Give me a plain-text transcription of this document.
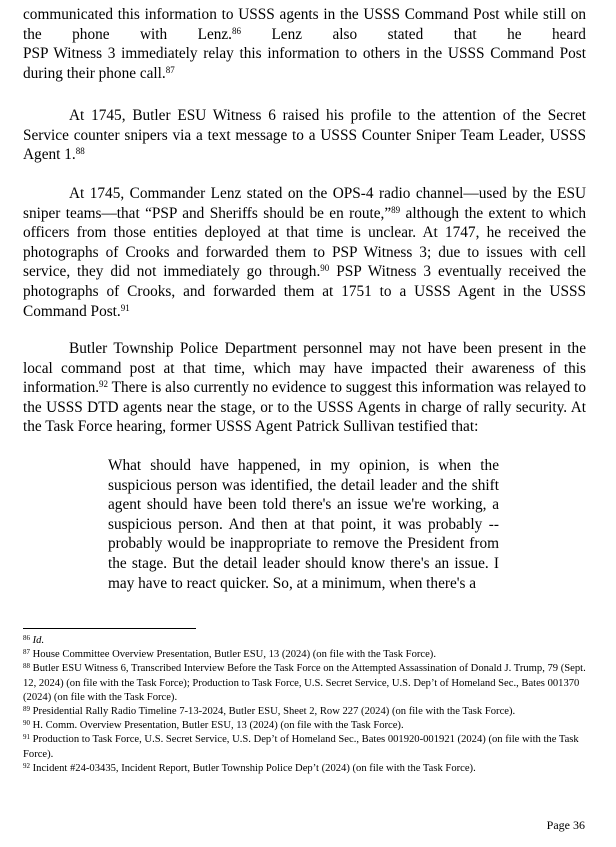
communicated this information to USSS agents in the USSS Command Post while still on
the phone with Lenz.$^{86}$ Lenz also stated that he heard
PSP Witness 3 immediately relay this information to others in the USSS Command Post
during their phone call.$^{87}$

At 1745, Butler ESU Witness 6 raised his profile to the attention of the Secret Service counter snipers via a text message to a USSS Counter Sniper Team Leader, USSS Agent 1.88

At 1745, Commander Lenz stated on the OPS-4 radio channel—used by the ESU sniper teams—that “PSP and Sheriffs should be en route,”$^{89}$ although the extent to which officers from those entities deployed at that time is unclear. At 1747, he received the photographs of Crooks and forwarded them to PSP Witness 3; due to issues with cell service, they did not immediately go through.$^{90}$ PSP Witness 3 eventually received the photographs of Crooks, and forwarded them at 1751 to a USSS Agent in the USSS Command Post.$^{91}$

Butler Township Police Department personnel may not have been present in the local command post at that time, which may have impacted their awareness of this information.$^{92}$ There is also currently no evidence to suggest this information was relayed to the USSS DTD agents near the stage, or to the USSS Agents in charge of rally security. At the Task Force hearing, former USSS Agent Patrick Sullivan testified that:

What should have happened, in my opinion, is when the suspicious person was identified, the detail leader and the shift agent should have been told there's an issue we're working, a suspicious person. And then at that point, it was probably -- probably would be inappropriate to remove the President from the stage. But the detail leader should know there's an issue. I may have to react quicker. So, at a minimum, when there's a

$^{86}$ Id.

$^{87}$ House Committee Overview Presentation, Butler ESU, 13 (2024) (on file with the Task Force).

$^{88}$ Butler ESU Witness 6, Transcribed Interview Before the Task Force on the Attempted Assassination of Donald J. Trump, 79 (Sept. 12, 2024) (on file with the Task Force); Production to Task Force, U.S. Secret Service, U.S. Dep’t of Homeland Sec., Bates 001370 (2024) (on file with the Task Force).

$^{89}$ Presidential Rally Radio Timeline 7-13-2024, Butler ESU, Sheet 2, Row 227 (2024) (on file with the Task Force).

$^{90}$ H. Comm. Overview Presentation, Butler ESU, 13 (2024) (on file with the Task Force).

$^{91}$ Production to Task Force, U.S. Secret Service, U.S. Dep’t of Homeland Sec., Bates 001920-001921 (2024) (on file with the Task Force).

$^{92}$ Incident #24-03435, Incident Report, Butler Township Police Dep’t (2024) (on file with the Task Force).

Page 36
